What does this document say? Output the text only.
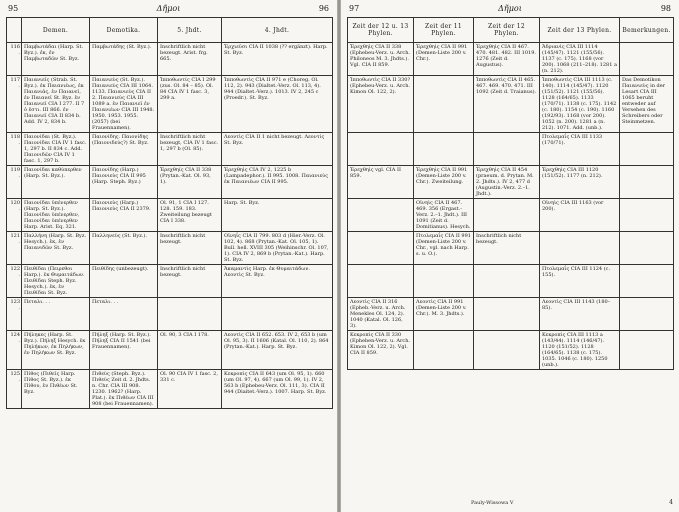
95	Δῆμοι	96
	Demen.	Demotika.	5. Jhdt.	4. Jhdt.
116.	Παμβωτάδαι (Harp. St. Byz.). ἐκ, ἐν Παμβωταδῶν St. Byz.	Παμβωτάδης (St. Byz.).	Inschriftlich nicht bezeugt. Arist. frg. 665.	Ἐρχιεῦσι CIA II 1038 (?? ergänzt). Harp. St. Byz.
117.	Παιανιεῖς (Strab. St. Byz.). ἐκ Παιανιέως, ἐκ Παιανιᾶς, ἐν Παιανεῖ, ἐν Παιανεῖ St. Byz. ἐν Παιανιεῖ CIA I 277. II 7 ὁ ἐστι. III 866. ἐν Παιανιεῖ CIA II 834 b. Add. IV 2, 834 b.	Παιανιεὺς (St. Byz.). Παιανιεὺς CIA III 1064. 1133. Παιανιεὺς CIA II 2. Παιανιεὺς CIA III 1089 a. ἐν Παιανιεῖ ἐν Παιανιέων CIA III 1948. 1950. 1953. 1955. (2057) (bei Frauennamen).	Ἱπποθωντίς CIA I 299 (zus. Ol. 84 – 85). Ol. 84 CIA IV 1 fasc. 3, 299 a.	Ἱπποθωντὶς CIA II 971 e (Choreg. Ol. 112, 2). 943 (Dialtet.-Verz. Ol. 113, 4). 944 (Dialtet.-Verz.). 1013. IV 2, 245 c (Proedr.). St. Byz.
118.	Παιονίδαι (St. Byz.). Παιονίδαι CIA IV 1 fasc. 1, 297 b. II 834 c. Add. Παιονιδῶν CIA IV 1 fasc. 1, 297 b.	Παιονίδης. Παιονίδης (Παιονιδεύς?) St. Byz.	Inschriftlich nicht bezeugt, CIA IV 1 fasc. 1, 297 b (Ol. 85).	Λεοντὶς CIA II 1 nicht bezeugt. Λεοντίς St. Byz.
119.	Παιονίδαι καθύπερθεν (Harp. St. Byz.).	Παιονίδης (Harp.) Παιονιεὺς CIA II 995 (Harp. Steph. Byz.)	Ἐρεχθηίς CIA II 338 (Prytan.-Kat. Ol. 93, 1).	Ἐρεχθηὶς CIA IV 2, 1225 b (Lampadephor.). II 995. 1008. Παιανιεὺς ἐκ Παιανιέων CIA II 995.
120.	Παιονίδαι ὑπένερθεν (Harp. St. Byz.). Παιονίδαι ὑπένερθεν, Παιονίδαι ὑπένερθεν Harp. Arist. Eq. 321.	Παιονιεὺς (Harp.) Παιονιεὺς CIA II 2379.	Ol. 91, 1 CIA I 127. 128. 159. 183. Zweiteilung bezeugt CIA I 338.	Harp. St. Byz.
121.	Παλλήνη (Harp. St. Byz. Hesych.). ἐκ, ἐν Παιανιδῶν St. Byz.	Παλληνεὺς (St. Byz.).	Inschriftlich nicht bezeugt.	Οἰνηΐς CIA II 799. 803 d (Hier.-Verz. Ol. 102, 4). 868 (Prytan.-Kat. Ol. 105, 1). Bull. hell. XVIII 305 (Weihinschr. Ol. 107, 1). CIA IV 2, 869 b (Prytan.-Kat.). Harp. St. Byz.
122.	Πειθίδαι (Πειρεθοι Harp.). ἐκ Θυμαιτάδων. Πειθίδαι Steph. Byz. Hesych.). ἐκ, ἐν Πειθίδαι St. Byz.	Πειθίδης (unbezeugt).	Inschriftlich nicht bezeugt.	Ἀκαμαντὶς Harp. ἐκ Θυμαιτάδων. Λεοντὶς St. Byz.
123.	Πεταλι. . .	Πεταλι. . .		
124.	Πήληκες (Harp. St. Byz.). Πήληξ Hesych. ἐκ Πηλήκων, ἐκ Πηλήκων, ἐν Πηλήκων St. Byz.	Πήληξ (Harp. St. Byz.). Πήληξ CIA II 1541 (bei Frauennamen).	Ol. 90, 3 CIA I 178.	Λεοντὶς CIA II 652. 653. IV 2, 653 b (um Ol. 95, 3). II 1606 (Katal. Ol. 110, 2). 864 (Prytan.-Kat.). Harp. St. Byz.
125.	Πίθος (Πιθεῖς Harp. Πίθος St. Byz.). ἐκ Πίθου, ἐν Πιθέων St. Byz.	Πιθεὺς (Steph. Byz.). Πιθεὺς Zeit d. 2. Jhdts. n. Chr. CIA III 908. 1230. 1962? (Harp. Plat.). ἐκ Πιθέων CIA III 908 (bei Frauennamen).	Ol. 90 CIA IV 1 fasc. 2, 331 c.	Κεκροπὶς CIA II 643 (um Ol. 95, 1). 660 (um Ol. 97, 4). 667 (um Ol. 99, 1). IV 2, 563 b (Ephebeu-Verz. Ol. 111, 3). CIA II 944 (Diaitet.-Verz.). 1007. Harp. St. Byz.
97	Δῆμοι	98
Zeit der 12 u. 13 Phylen.	Zeit der 11 Phylen.	Zeit der 12 Phylen.	Zeit der 13 Phylen.	Bemerkungen.
Ἐρεχθηὶς CIA II 338 (Ephebeu-Verz. u. Arch. Philoneos M. 3. Jhdts.). Vgl. CIA II 859.	Ἐρεχθηὶς CIA II 991 (Demen-Liste 200 v. Chr.).	Ἐρεχθηὶς CIA II 467. 470. 481. 482. III 1019. 1276 (Zeit d. Augustus).	Ἀδριανὶς CIA III 1114 (145/47). 1121 (155/56). 1137 (c. 175). 1168 (vor 200). 1068 (211–218). 1281 a (n. 212).	
Ἱπποθωντὶς CIA II 330? (Ephebeu-Verz. u. Arch. Kimon Ol. 122, 2).		Ἱπποθωντὶς CIA II 465. 467. 469. 470. 471. III 1092 (Zeit d. Traianus).	Ἱπποθωντὶς CIA III 1113 (c. 140). 1114 (145/47). 1120 (151/52). 1121 (155/56). 1128 (164/65). 1133 (170/71). 1138 (c. 175). 1142 (c. 180). 1154 (c. 190). 1160 (192/93). 1168 (vor 200). 1052 (n. 200). 1281 a (n. 212). 1071. Add. (unb.).	Das Demotikon Παιανιεὺς in der Lesart CIA III 1065 beruht entweder auf Versehen des Schreibers oder Steinmetzen.
			Πτολεμαΐς CIA III 1133 (170/71).	
Ἐρεχθηὶς vgl. CIA II 859.	Ἐρεχθηὶς CIA II 991 (Demen-Liste 200 v. Chr.). Zweiteilung.	Ἐρεχθηὶς CIA II 454 (praeum. d. Prytan. M. 2. Jhdts.). IV 2, 477 d (Augustin.-Verz. 2.–1. Jhdt.).	Ἐρεχθηὶς CIA III 1120 (151/52). 1177 (n. 212).	
	Οἰνηὶς CIA II 467. 469. 356 (Ergast.-Verz. 2.–1. Jhdt.). III 1091 (Zeit d. Domitianus). Hesych.		Οἰνηὶς CIA III 1163 (vor 200).	
	Πτολεμαΐς CIA II 991 (Demen-Liste 200 v. Chr., vgl. nach Harp. s. u. O.).	Inschriftlich nicht bezeugt.		
			Πτολεμαΐς CIA III 1124 (c. 155).	
Λεοντὶς CIA II 316 (Epheb.-Verz. u. Arch. Menekles Ol. 124, 2). 1040 (Katal. Ol. 126, 3).	Λεοντὶς CIA II 991 (Demen-Liste 200 v. Chr.). M. 3. Jhdts.).		Λεοντὶς CIA III 1143 (180–85).	
Κεκροπὶς CIA II 330 (Epheben-Verz. u. Arch. Kimon Ol. 122, 2). Vgl. CIA II 859.			Κεκροπὶς CIA III 1113 a (143/44). 1114 (146/47). 1120 (151/52). 1128 (164/65). 1138 (c. 175). 1035. 1046 (c. 180). 1250 (unb.).	
Pauly-Wissowa V	4
